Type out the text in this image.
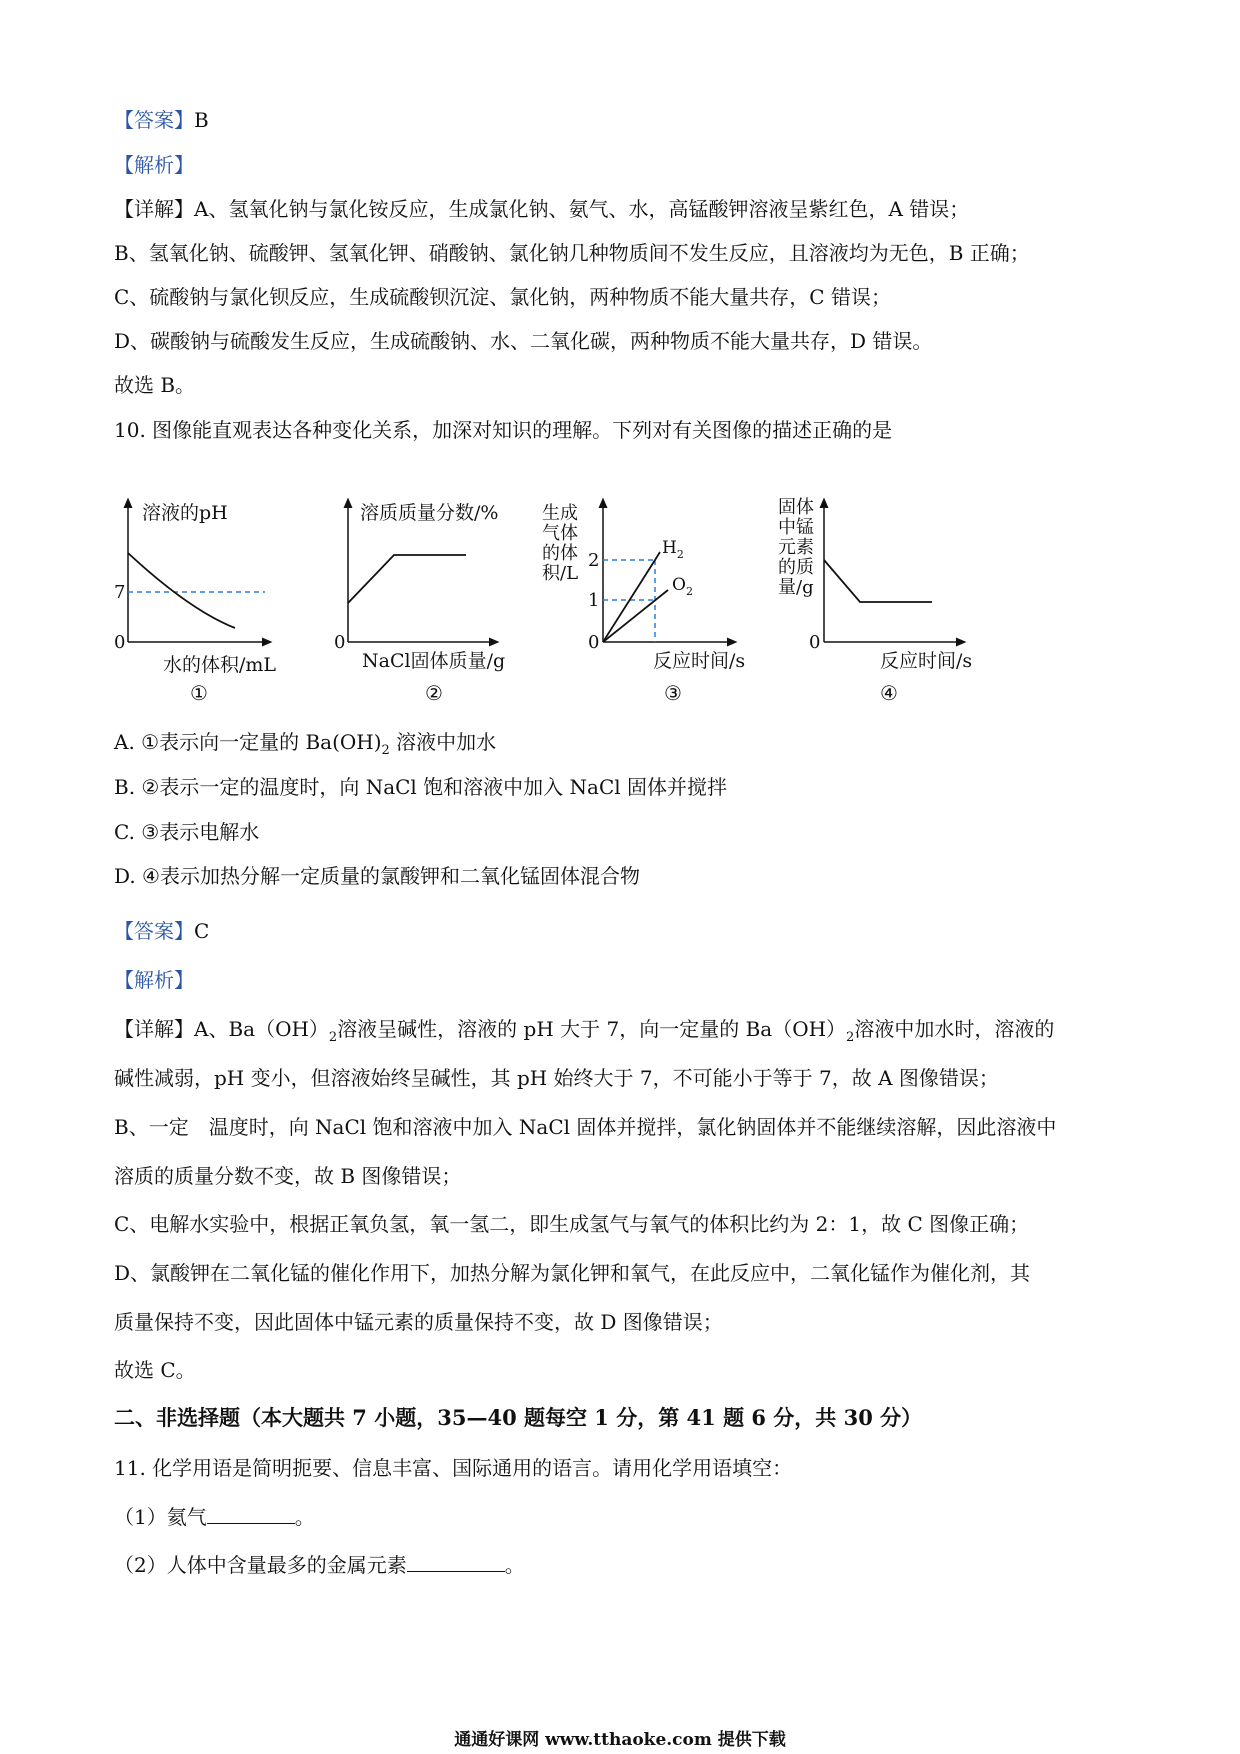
【答案】B
【解析】
【详解】A、氢氧化钠与氯化铵反应，生成氯化钠、氨气、水，高锰酸钾溶液呈紫红色，A 错误；
B、氢氧化钠、硫酸钾、氢氧化钾、硝酸钠、氯化钠几种物质间不发生反应，且溶液均为无色，B 正确；
C、硫酸钠与氯化钡反应，生成硫酸钡沉淀、氯化钠，两种物质不能大量共存，C 错误；
D、碳酸钠与硫酸发生反应，生成硫酸钠、水、二氧化碳，两种物质不能大量共存，D 错误。
故选 B。
10. 图像能直观表达各种变化关系，加深对知识的理解。下列对有关图像的描述正确的是
溶液的pH
水的体积/mL
7
0
①
溶质质量分数/%
NaCl固体质量/g
0
②
生成
气体
的体
积/L
2
1
0
$H_2$
$O_2$
反应时间/s
③
固体
中锰
元素
的质
量/g
0
反应时间/s
④
A. ①表示向一定量的 $Ba(OH)_2$ 溶液中加水
B. ②表示一定的温度时，向 NaCl 饱和溶液中加入 NaCl 固体并搅拌
C. ③表示电解水
D. ④表示加热分解一定质量的氯酸钾和二氧化锰固体混合物
【答案】C
【解析】
【详解】A、$Ba(OH)_2$溶液呈碱性，溶液的 pH 大于 7，向一定量的 $Ba(OH)_2$溶液中加水时，溶液的
碱性减弱，pH 变小，但溶液始终呈碱性，其 pH 始终大于 7，不可能小于等于 7，故 A 图像错误；
B、一定　温度时，向 NaCl 饱和溶液中加入 NaCl 固体并搅拌，氯化钠固体并不能继续溶解，因此溶液中
溶质的质量分数不变，故 B 图像错误；
C、电解水实验中，根据正氧负氢，氧一氢二，即生成氢气与氧气的体积比约为 2：1，故 C 图像正确；
D、氯酸钾在二氧化锰的催化作用下，加热分解为氯化钾和氧气，在此反应中，二氧化锰作为催化剂，其
质量保持不变，因此固体中锰元素的质量保持不变，故 D 图像错误；
故选 C。
二、非选择题（本大题共 7 小题，35—40 题每空 1 分，第 41 题 6 分，共 30 分）
11. 化学用语是简明扼要、信息丰富、国际通用的语言。请用化学用语填空：
（1）氦气	。
（2）人体中含量最多的金属元素	。
通通好课网 www.tthaoke.com 提供下载
